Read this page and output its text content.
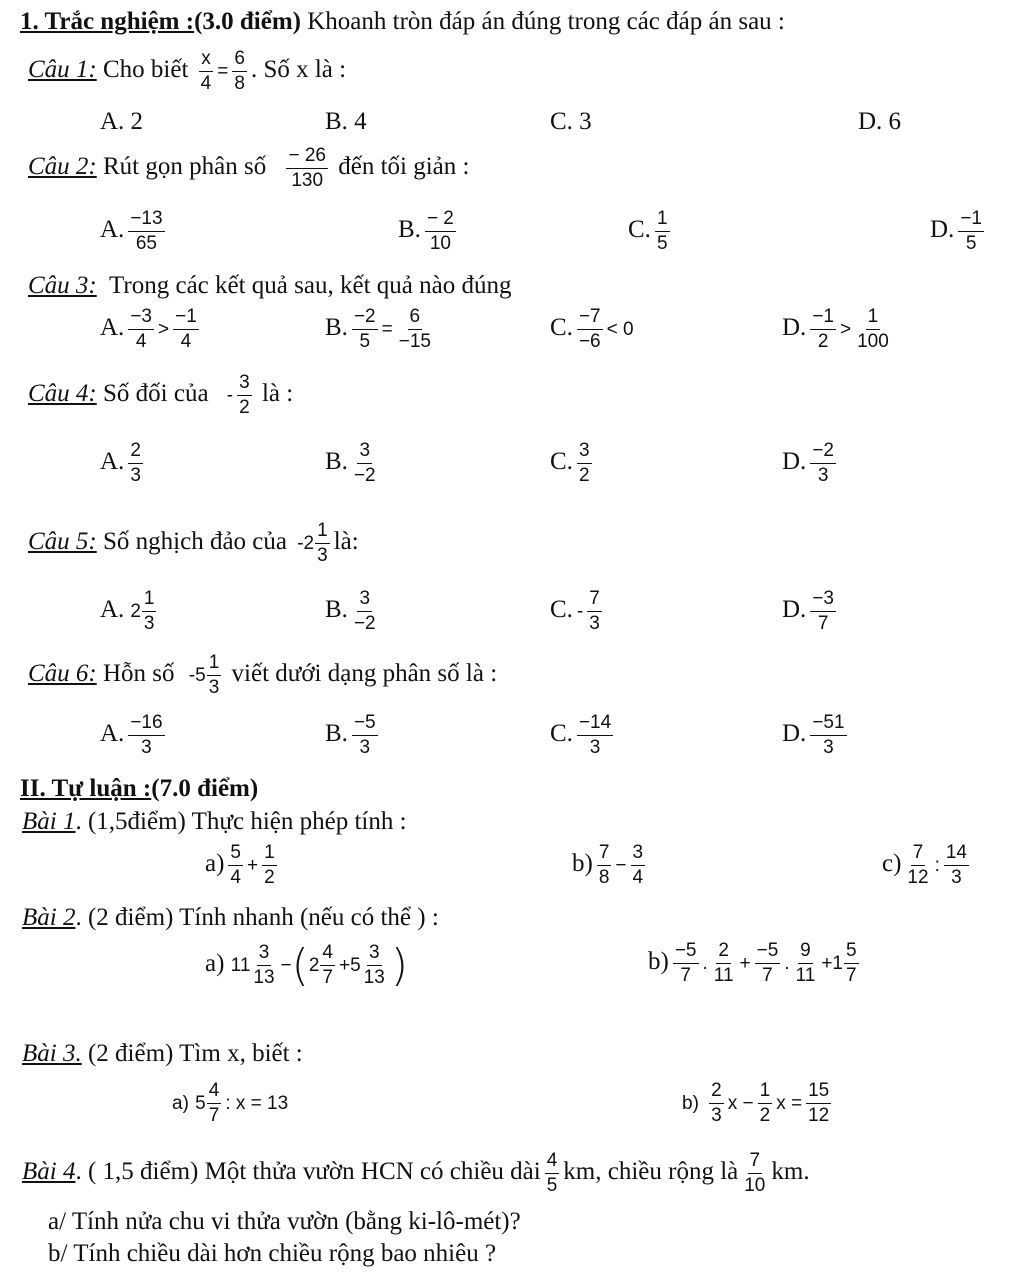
1. Trắc nghiệm :(3.0 điểm) Khoanh tròn đáp án đúng trong các đáp án sau :
Câu 1: Cho biết $\frac{x}{4} = \frac{6}{8}$ . Số x là :
A. 2	B. 4	C. 3	D. 6
Câu 2: Rút gọn phân số $\frac{- 26}{130}$ đến tối giản :
A. $\frac{-13}{65}$	B. $\frac{- 2}{10}$	C. $\frac{1}{5}$	D. $\frac{-1}{5}$
Câu 3: Trong các kết quả sau, kết quả nào đúng
A. $\frac{-3}{4} > \frac{-1}{4}$	B. $\frac{-2}{5} = \frac{6}{-15}$	C. $\frac{-7}{-6} < 0$	D. $\frac{-1}{2} > \frac{1}{100}$
Câu 4: Số đối của - $\frac{3}{2}$ là :
A. $\frac{2}{3}$	B. $\frac{3}{-2}$	C. $\frac{3}{2}$	D. $\frac{-2}{3}$
Câu 5: Số nghịch đảo của $-2 \frac{1}{3}$ là:
A. $2 \frac{1}{3}$	B. $\frac{3}{-2}$	C. - $\frac{7}{3}$	D. $\frac{-3}{7}$
Câu 6: Hỗn số $-5 \frac{1}{3}$ viết dưới dạng phân số là :
A. $\frac{-16}{3}$	B. $\frac{-5}{3}$	C. $\frac{-14}{3}$	D. $\frac{-51}{3}$
II. Tự luận :(7.0 điểm)
Bài 1. (1,5điểm) Thực hiện phép tính :
$a) \frac{5}{4} + \frac{1}{2}$	$b) \frac{7}{8} - \frac{3}{4}$	$c) \frac{7}{12}$ : $\frac{14}{3}$
Bài 2. (2 điểm) Tính nhanh (nếu có thể ) :
a) $11 \frac{3}{13} -(2 \frac{4}{7} +5 \frac{3}{13}$ )	$b) \frac{-5}{7}$ . $\frac{2}{11} + \frac{-5}{7}$ . $\frac{9}{11} +1 \frac{5}{7}$
Bài 3. (2 điểm) Tìm x, biết :
a) $5 \frac{4}{7}$ : x = 13	$b) \frac{2}{3}$ $x - \frac{1}{2}$ $x = \frac{15}{12}$
Bài 4. ( 1,5 điểm) Một thửa vườn HCN có chiều dài $\frac{4}{5}$ km, chiều rộng là $\frac{7}{10}$ km.
a/ Tính nửa chu vi thửa vườn (bằng ki-lô-mét)?
b/ Tính chiều dài hơn chiều rộng bao nhiêu ?
